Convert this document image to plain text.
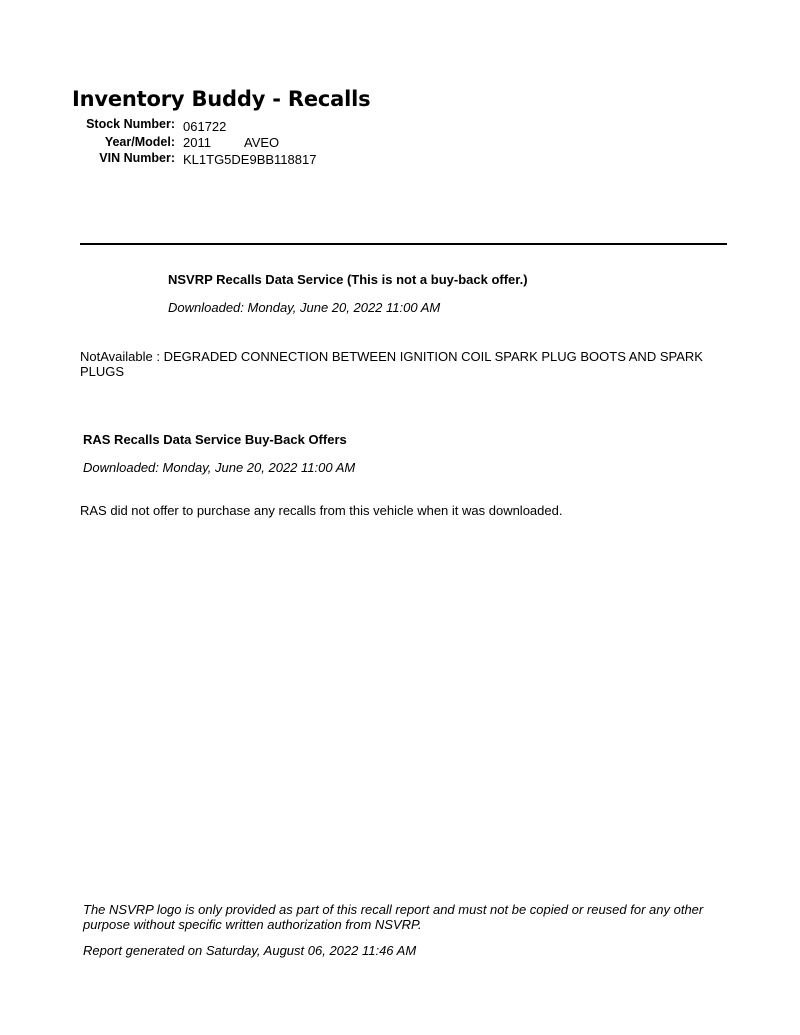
Inventory Buddy - Recalls
Stock Number: 061722
Year/Model: 2011	AVEO
VIN Number: KL1TG5DE9BB118817
NSVRP Recalls Data Service (This is not a buy-back offer.)
Downloaded: Monday, June 20, 2022 11:00 AM
NotAvailable : DEGRADED CONNECTION BETWEEN IGNITION COIL SPARK PLUG BOOTS AND SPARK PLUGS
RAS Recalls Data Service Buy-Back Offers
Downloaded: Monday, June 20, 2022 11:00 AM
RAS did not offer to purchase any recalls from this vehicle when it was downloaded.
The NSVRP logo is only provided as part of this recall report and must not be copied or reused for any other purpose without specific written authorization from NSVRP.
Report generated on Saturday, August 06, 2022 11:46 AM
